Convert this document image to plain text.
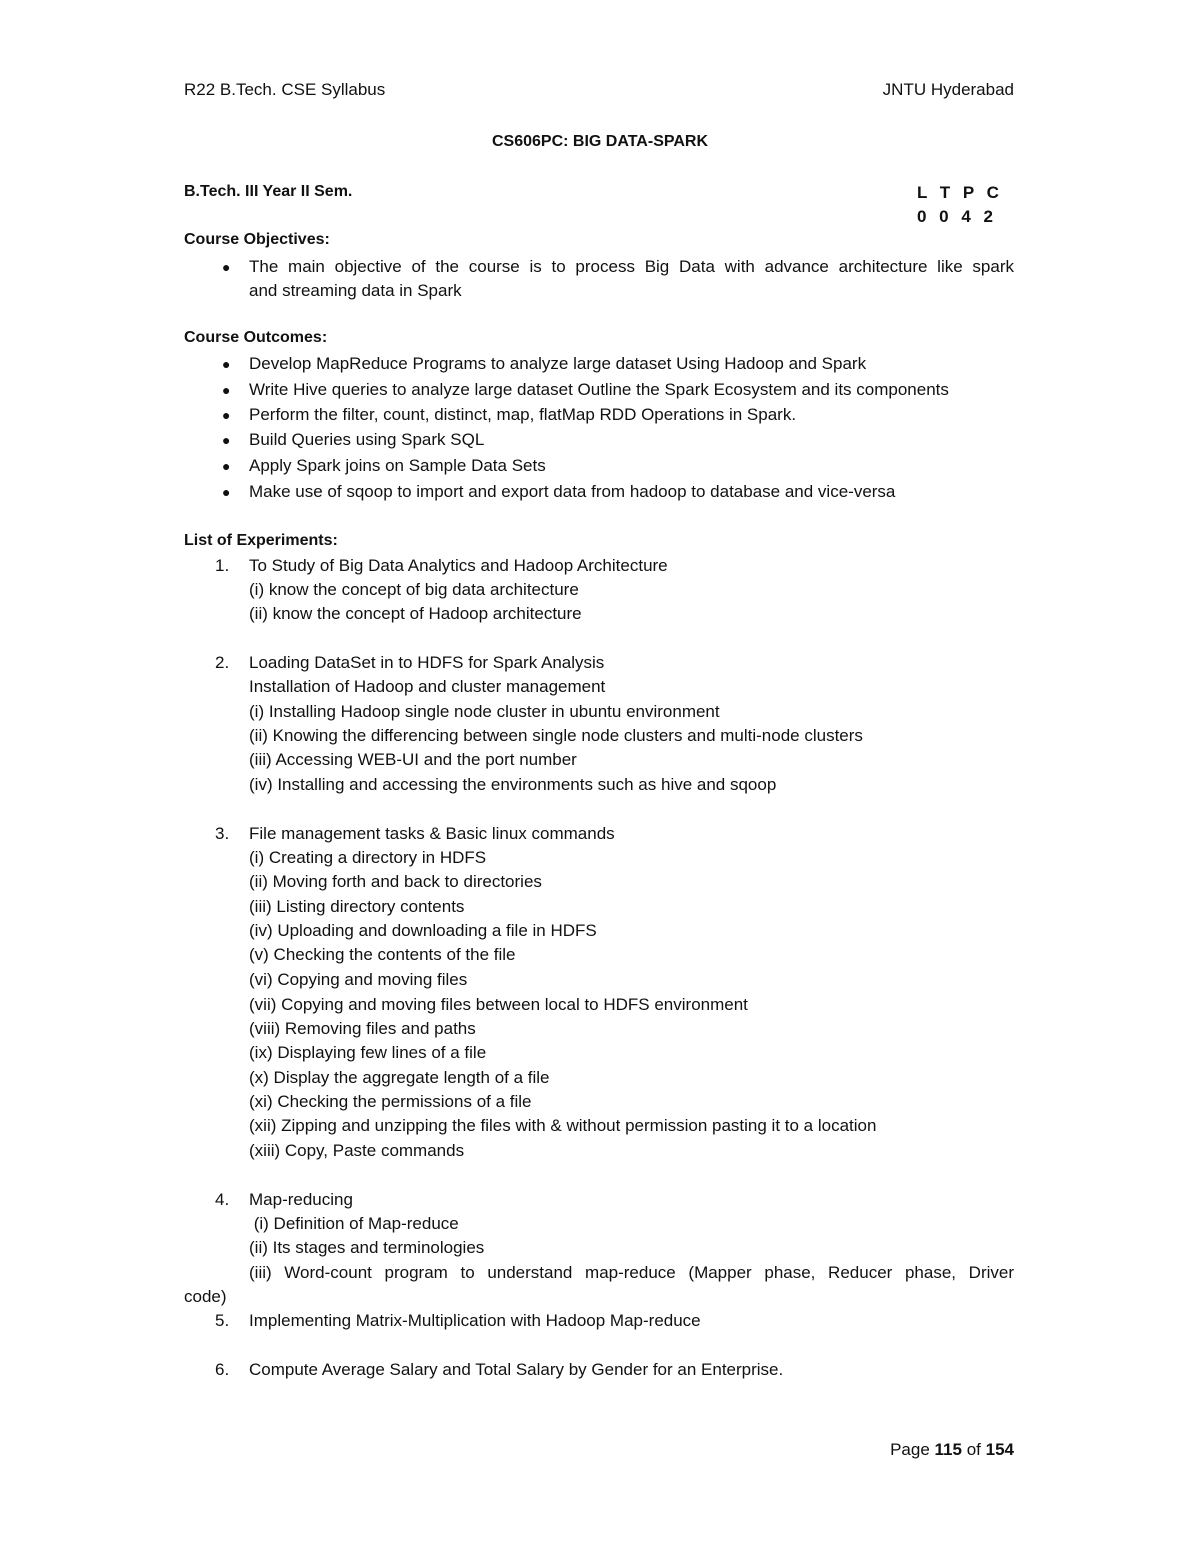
R22 B.Tech. CSE Syllabus	JNTU Hyderabad
CS606PC: BIG DATA-SPARK
B.Tech. III Year II Sem.	L T P C
0 0 4 2
Course Objectives:
● The main objective of the course is to process Big Data with advance architecture like spark
and streaming data in Spark
Course Outcomes:
● Develop MapReduce Programs to analyze large dataset Using Hadoop and Spark
● Write Hive queries to analyze large dataset Outline the Spark Ecosystem and its components
● Perform the filter, count, distinct, map, flatMap RDD Operations in Spark.
● Build Queries using Spark SQL
● Apply Spark joins on Sample Data Sets
● Make use of sqoop to import and export data from hadoop to database and vice-versa
List of Experiments:
1. To Study of Big Data Analytics and Hadoop Architecture
(i) know the concept of big data architecture
(ii) know the concept of Hadoop architecture
2. Loading DataSet in to HDFS for Spark Analysis
Installation of Hadoop and cluster management
(i) Installing Hadoop single node cluster in ubuntu environment
(ii) Knowing the differencing between single node clusters and multi-node clusters
(iii) Accessing WEB-UI and the port number
(iv) Installing and accessing the environments such as hive and sqoop
3. File management tasks & Basic linux commands
(i) Creating a directory in HDFS
(ii) Moving forth and back to directories
(iii) Listing directory contents
(iv) Uploading and downloading a file in HDFS
(v) Checking the contents of the file
(vi) Copying and moving files
(vii) Copying and moving files between local to HDFS environment
(viii) Removing files and paths
(ix) Displaying few lines of a file
(x) Display the aggregate length of a file
(xi) Checking the permissions of a file
(xii) Zipping and unzipping the files with & without permission pasting it to a location
(xiii) Copy, Paste commands
4. Map-reducing
(i) Definition of Map-reduce
(ii) Its stages and terminologies
(iii) Word-count program to understand map-reduce (Mapper phase, Reducer phase, Driver
code)
5. Implementing Matrix-Multiplication with Hadoop Map-reduce
6. Compute Average Salary and Total Salary by Gender for an Enterprise.
Page 115 of 154
